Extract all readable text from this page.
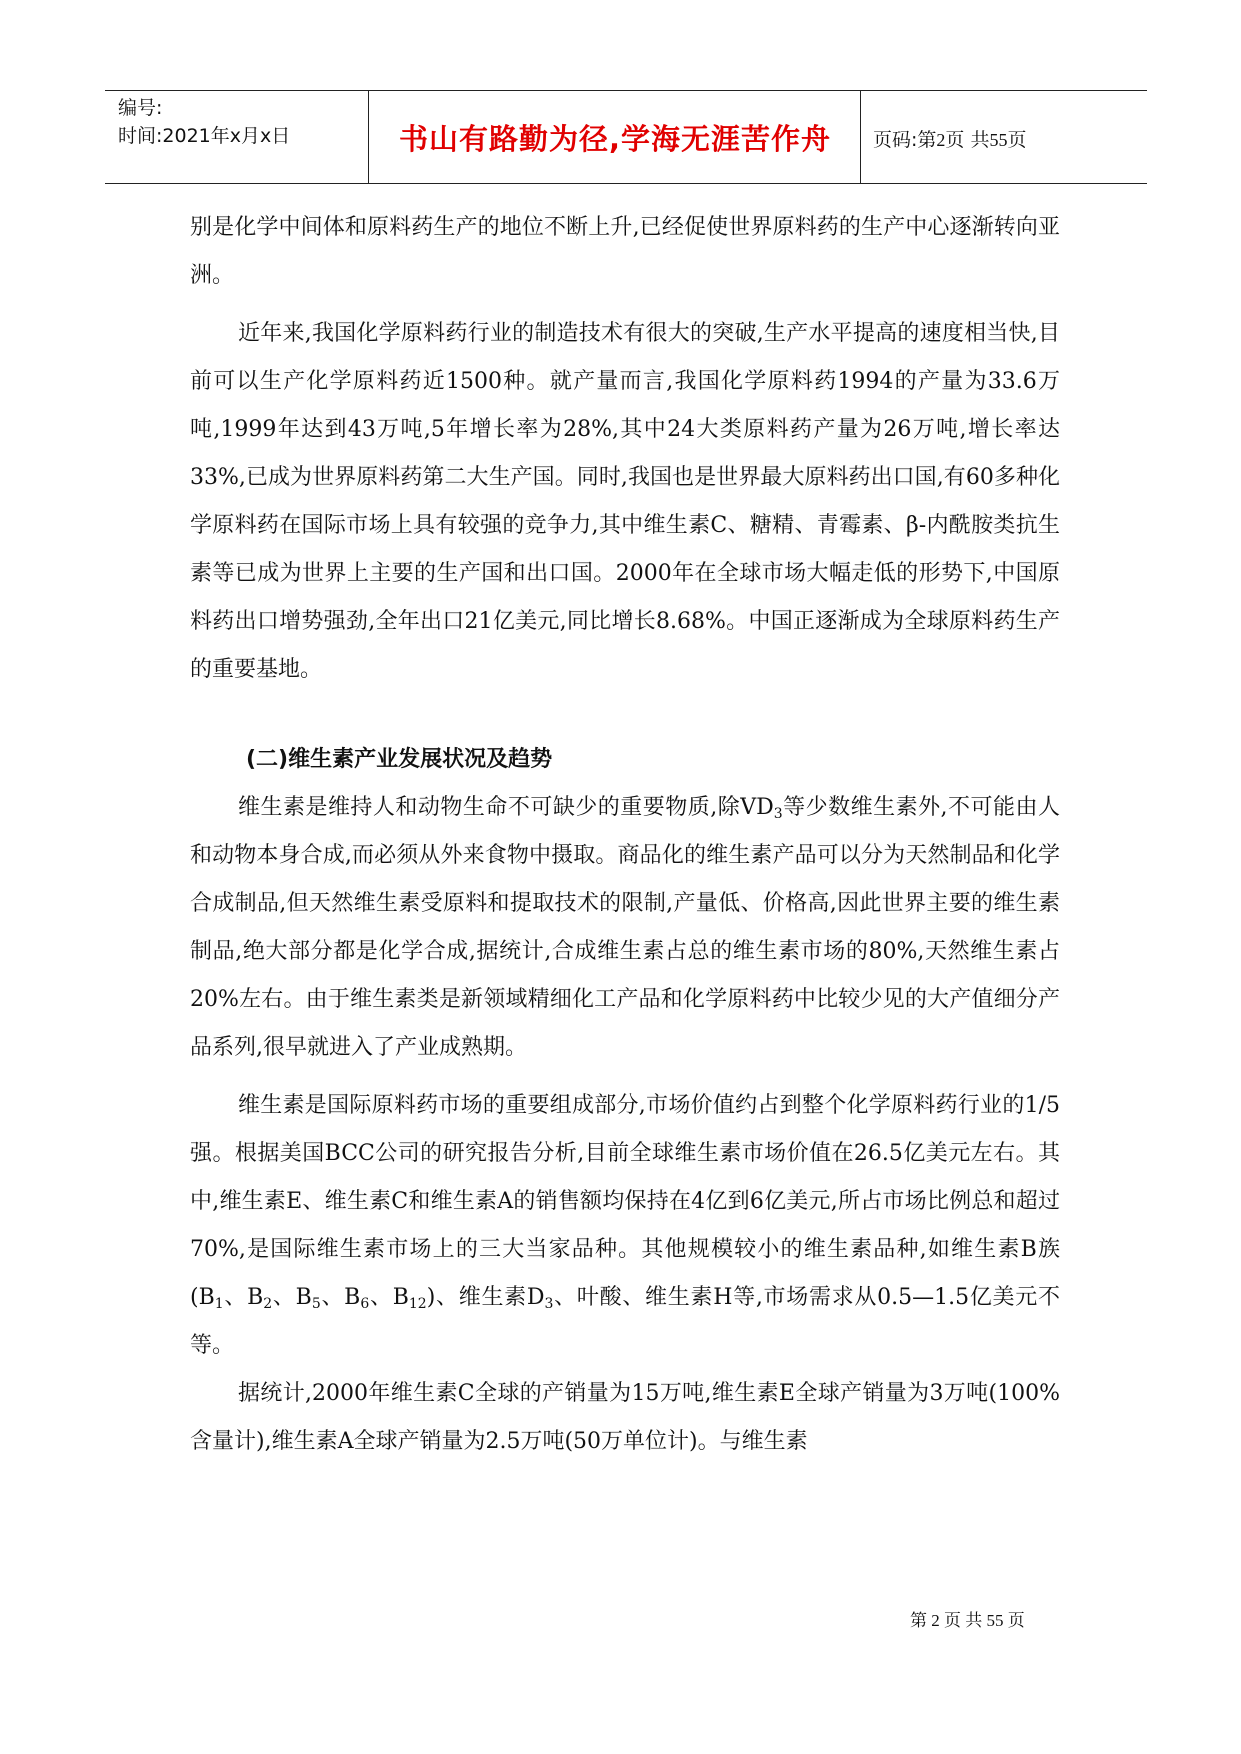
编号:
时间:2021年x月x日	书山有路勤为径,学海无涯苦作舟	页码:第2页 共55页

别是化学中间体和原料药生产的地位不断上升,已经促使世界原料药的生产中心逐渐转向亚洲。

近年来,我国化学原料药行业的制造技术有很大的突破,生产水平提高的速度相当快,目前可以生产化学原料药近1500种。就产量而言,我国化学原料药1994的产量为33.6万吨,1999年达到43万吨,5年增长率为28%,其中24大类原料药产量为26万吨,增长率达33%,已成为世界原料药第二大生产国。同时,我国也是世界最大原料药出口国,有60多种化学原料药在国际市场上具有较强的竞争力,其中维生素C、糖精、青霉素、β-内酰胺类抗生素等已成为世界上主要的生产国和出口国。2000年在全球市场大幅走低的形势下,中国原料药出口增势强劲,全年出口21亿美元,同比增长8.68%。中国正逐渐成为全球原料药生产的重要基地。

(二)维生素产业发展状况及趋势

维生素是维持人和动物生命不可缺少的重要物质,除$VD_3$等少数维生素外,不可能由人和动物本身合成,而必须从外来食物中摄取。商品化的维生素产品可以分为天然制品和化学合成制品,但天然维生素受原料和提取技术的限制,产量低、价格高,因此世界主要的维生素制品,绝大部分都是化学合成,据统计,合成维生素占总的维生素市场的80%,天然维生素占20%左右。由于维生素类是新领域精细化工产品和化学原料药中比较少见的大产值细分产品系列,很早就进入了产业成熟期。

维生素是国际原料药市场的重要组成部分,市场价值约占到整个化学原料药行业的1/5强。根据美国BCC公司的研究报告分析,目前全球维生素市场价值在26.5亿美元左右。其中,维生素E、维生素C和维生素A的销售额均保持在4亿到6亿美元,所占市场比例总和超过70%,是国际维生素市场上的三大当家品种。其他规模较小的维生素品种,如维生素B族($B_1$、$B_2$、$B_5$、$B_6$、$B_{12}$)、维生素$D_3$、叶酸、维生素H等,市场需求从0.5—1.5亿美元不等。

据统计,2000年维生素C全球的产销量为15万吨,维生素E全球产销量为3万吨(100%含量计),维生素A全球产销量为2.5万吨(50万单位计)。与维生素

第 2 页 共 55 页
